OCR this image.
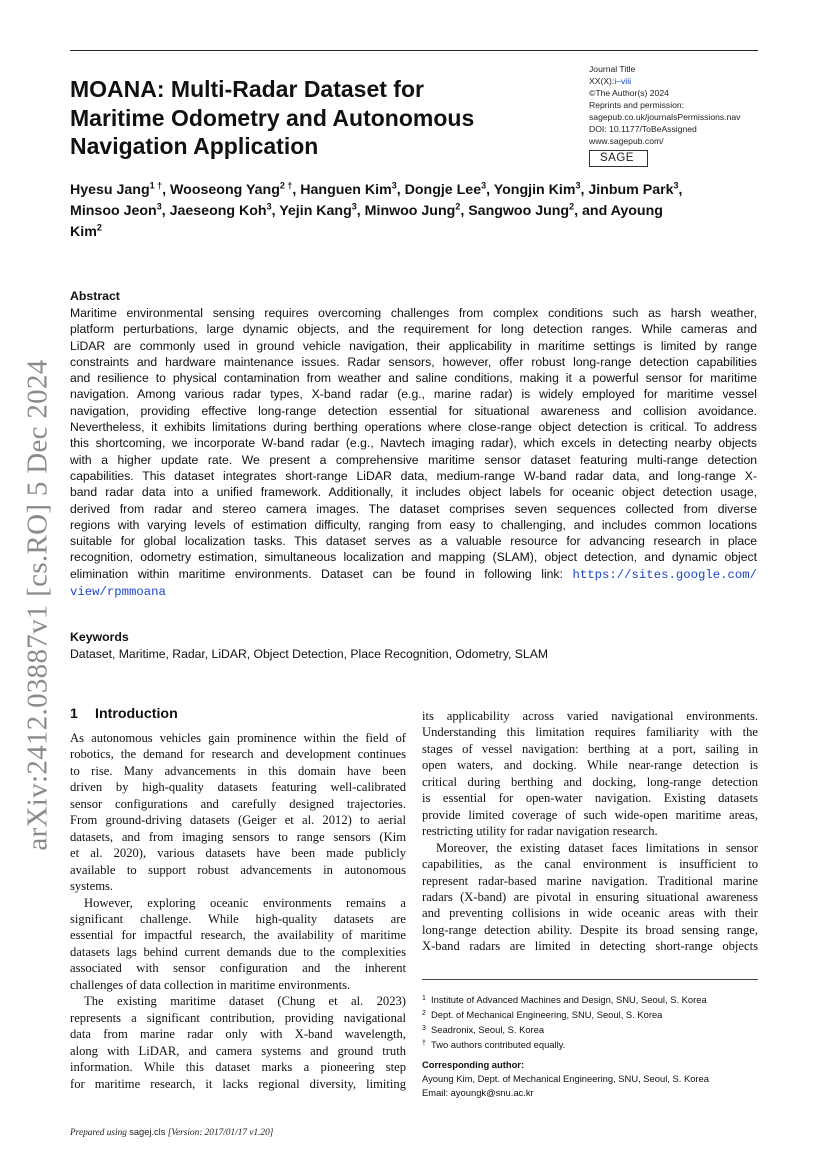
arXiv:2412.03887v1 [cs.RO] 5 Dec 2024
MOANA: Multi-Radar Dataset for
Maritime Odometry and Autonomous
Navigation Application
Journal Title
XX(X):i–viii
©The Author(s) 2024
Reprints and permission:
sagepub.co.uk/journalsPermissions.nav
DOI: 10.1177/ToBeAssigned
www.sagepub.com/
SAGE
Hyesu Jang$^{1 \dagger}$, Wooseong Yang$^{2 \dagger}$, Hanguen Kim$^3$, Dongje Lee$^3$, Yongjin Kim$^3$, Jinbum Park$^3$,
Minsoo Jeon$^3$, Jaeseong Koh$^3$, Yejin Kang$^3$, Minwoo Jung$^2$, Sangwoo Jung$^2$, and Ayoung
Kim$^2$
Abstract
Maritime environmental sensing requires overcoming challenges from complex conditions such as harsh weather,
platform perturbations, large dynamic objects, and the requirement for long detection ranges. While cameras and
LiDAR are commonly used in ground vehicle navigation, their applicability in maritime settings is limited by range
constraints and hardware maintenance issues. Radar sensors, however, offer robust long-range detection capabilities
and resilience to physical contamination from weather and saline conditions, making it a powerful sensor for maritime
navigation. Among various radar types, X-band radar (e.g., marine radar) is widely employed for maritime vessel
navigation, providing effective long-range detection essential for situational awareness and collision avoidance.
Nevertheless, it exhibits limitations during berthing operations where close-range object detection is critical. To address
this shortcoming, we incorporate W-band radar (e.g., Navtech imaging radar), which excels in detecting nearby objects
with a higher update rate. We present a comprehensive maritime sensor dataset featuring multi-range detection
capabilities. This dataset integrates short-range LiDAR data, medium-range W-band radar data, and long-range X-
band radar data into a unified framework. Additionally, it includes object labels for oceanic object detection usage,
derived from radar and stereo camera images. The dataset comprises seven sequences collected from diverse
regions with varying levels of estimation difficulty, ranging from easy to challenging, and includes common locations
suitable for global localization tasks. This dataset serves as a valuable resource for advancing research in place
recognition, odometry estimation, simultaneous localization and mapping (SLAM), object detection, and dynamic object
elimination within maritime environments. Dataset can be found in following link: https://sites.google.com/
view/rpmmoana
Keywords
Dataset, Maritime, Radar, LiDAR, Object Detection, Place Recognition, Odometry, SLAM
1 Introduction
As autonomous vehicles gain prominence within the field of
robotics, the demand for research and development continues
to rise. Many advancements in this domain have been
driven by high-quality datasets featuring well-calibrated
sensor configurations and carefully designed trajectories.
From ground-driving datasets (Geiger et al. 2012) to aerial
datasets, and from imaging sensors to range sensors (Kim
et al. 2020), various datasets have been made publicly
available to support robust advancements in autonomous
systems.
However, exploring oceanic environments remains a
significant challenge. While high-quality datasets are
essential for impactful research, the availability of maritime
datasets lags behind current demands due to the complexities
associated with sensor configuration and the inherent
challenges of data collection in maritime environments.
The existing maritime dataset (Chung et al. 2023)
represents a significant contribution, providing navigational
data from marine radar only with X-band wavelength,
along with LiDAR, and camera systems and ground truth
information. While this dataset marks a pioneering step
for maritime research, it lacks regional diversity, limiting
its applicability across varied navigational environments.
Understanding this limitation requires familiarity with the
stages of vessel navigation: berthing at a port, sailing in
open waters, and docking. While near-range detection is
critical during berthing and docking, long-range detection
is essential for open-water navigation. Existing datasets
provide limited coverage of such wide-open maritime areas,
restricting utility for radar navigation research.
Moreover, the existing dataset faces limitations in sensor
capabilities, as the canal environment is insufficient to
represent radar-based marine navigation. Traditional marine
radars (X-band) are pivotal in ensuring situational awareness
and preventing collisions in wide oceanic areas with their
long-range detection ability. Despite its broad sensing range,
X-band radars are limited in detecting short-range objects
1 Institute of Advanced Machines and Design, SNU, Seoul, S. Korea
2 Dept. of Mechanical Engineering, SNU, Seoul, S. Korea
3 Seadronix, Seoul, S. Korea
† Two authors contributed equally.
Corresponding author:
Ayoung Kim, Dept. of Mechanical Engineering, SNU, Seoul, S. Korea
Email: ayoungk@snu.ac.kr
Prepared using sagej.cls [Version: 2017/01/17 v1.20]
